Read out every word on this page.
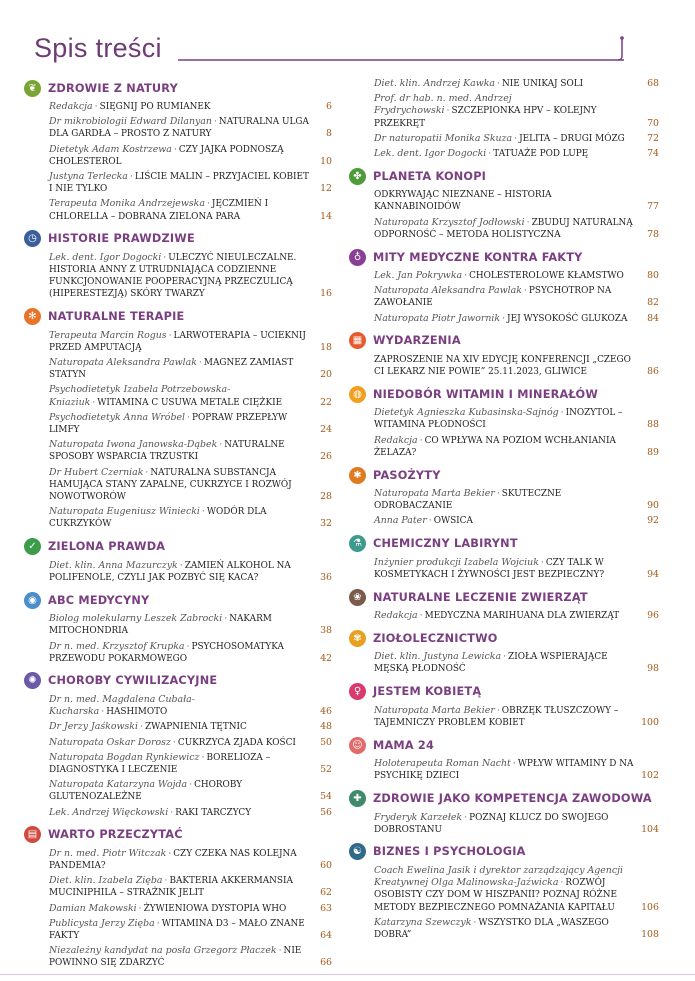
Spis treści
❦	ZDROWIE Z NATURY
Redakcja · SIĘGNIJ PO RUMIANEK	6
Dr mikrobiologii Edward Dilanyan · NATURALNA ULGA DLA GARDŁA – PROSTO Z NATURY	8
Dietetyk Adam Kostrzewa · CZY JAJKA PODNOSZĄ CHOLESTEROL	10
Justyna Terlecka · LIŚCIE MALIN – PRZYJACIEL KOBIET I NIE TYLKO	12
Terapeuta Monika Andrzejewska · JĘCZMIEŃ I CHLORELLA – DOBRANA ZIELONA PARA	14
◷ HISTORIE PRAWDZIWE
Lek. dent. Igor Dogocki · ULECZYĆ NIEULECZALNE. HISTORIA ANNY Z UTRUDNIAJĄCA CODZIENNE FUNKCJONOWANIE POOPERACYJNĄ PRZECZULICĄ (HIPERESTEZJĄ) SKÓRY TWARZY	16
✻	NATURALNE TERAPIE
Terapeuta Marcin Rogus · LARWOTERAPIA – UCIEKNIJ PRZED AMPUTACJĄ	18
Naturopata Aleksandra Pawlak · MAGNEZ ZAMIAST STATYN	20
Psychodietetyk Izabela Potrzebowska-Kniaziuk · WITAMINA C USUWA METALE CIĘŻKIE	22
Psychodietetyk Anna Wróbel · POPRAW PRZEPŁYW LIMFY	24
Naturopata Iwona Janowska-Dąbek · NATURALNE SPOSOBY WSPARCIA TRZUSTKI	26
Dr Hubert Czerniak · NATURALNA SUBSTANCJA HAMUJĄCA STANY ZAPALNE, CUKRZYCE I ROZWÓJ NOWOTWORÓW	28
Naturopata Eugeniusz Winiecki · WODÓR DLA CUKRZYKÓW	32
✓	ZIELONA PRAWDA
Diet. klin. Anna Mazurczyk · ZAMIEŃ ALKOHOL NA POLIFENOLE, CZYLI JAK POZBYĆ SIĘ KACA?	36
◉ ABC MEDYCYNY
Biolog molekularny Leszek Zabrocki · NAKARM MITOCHONDRIA	38
Dr n. med. Krzysztof Krupka · PSYCHOSOMATYKA PRZEWODU POKARMOWEGO	42
✺	CHOROBY CYWILIZACYJNE
Dr n. med. Magdalena Cubała-Kucharska · HASHIMOTO	46
Dr Jerzy Jaśkowski · ZWAPNIENIA TĘTNIC	48
Naturopata Oskar Dorosz · CUKRZYCA ZJADA KOŚCI	50
Naturopata Bogdan Rynkiewicz · BORELIOZA – DIAGNOSTYKA I LECZENIE	52
Naturopata Katarzyna Wojda · CHOROBY GLUTENOZALEŻNE	54
Lek. Andrzej Więckowski · RAKI TARCZYCY	56
▤ WARTO PRZECZYTAĆ
Dr n. med. Piotr Witczak · CZY CZEKA NAS KOLEJNA PANDEMIA?	60
Diet. klin. Izabela Zięba · BAKTERIA AKKERMANSIA MUCINIPHILA – STRAŻNIK JELIT	62
Damian Makowski · ŻYWIENIOWA DYSTOPIA WHO	63
Publicysta Jerzy Zięba · WITAMINA D3 – MAŁO ZNANE FAKTY	64
Niezależny kandydat na posła Grzegorz Płaczek · NIE POWINNO SIĘ ZDARZYĆ	66
Diet. klin. Andrzej Kawka · NIE UNIKAJ SOLI	68
Prof. dr hab. n. med. Andrzej Frydrychowski · SZCZEPIONKA HPV – KOLEJNY PRZEKRĘT	70
Dr naturopatii Monika Skuza · JELITA – DRUGI MÓZG	72
Lek. dent. Igor Dogocki · TATUAŻE POD LUPĘ	74
✤	PLANETA KONOPI
ODKRYWAJĄC NIEZNANE – HISTORIA KANNABINOIDÓW	77
Naturopata Krzysztof Jodłowski · ZBUDUJ NATURALNĄ ODPORNOŚĆ – METODA HOLISTYCZNA	78
♁	MITY MEDYCZNE KONTRA FAKTY
Lek. Jan Pokrywka · CHOLESTEROLOWE KŁAMSTWO	80
Naturopata Aleksandra Pawlak · PSYCHOTROP NA ZAWOŁANIE	82
Naturopata Piotr Jawornik · JEJ WYSOKOŚĆ GLUKOZA	84
▦ WYDARZENIA
ZAPROSZENIE NA XIV EDYCJĘ KONFERENCJI „CZEGO CI LEKARZ NIE POWIE” 25.11.2023, GLIWICE	86
◍ NIEDOBÓR WITAMIN I MINERAŁÓW
Dietetyk Agnieszka Kubasinska-Sajnóg · INOZYTOL – WITAMINA PŁODNOŚCI	88
Redakcja · CO WPŁYWA NA POZIOM WCHŁANIANIA ŻELAZA?	89
✱	PASOŻYTY
Naturopata Marta Bekier · SKUTECZNE ODROBACZANIE	90
Anna Pater · OWSICA	92
⚗ CHEMICZNY LABIRYNT
Inżynier produkcji Izabela Wojciuk · CZY TALK W KOSMETYKACH I ŻYWNOŚCI JEST BEZPIECZNY?	94
❀	NATURALNE LECZENIE ZWIERZĄT
Redakcja · MEDYCZNA MARIHUANA DLA ZWIERZĄT	96
✾	ZIOŁOLECZNICTWO
Diet. klin. Justyna Lewicka · ZIOŁA WSPIERAJĄCE MĘSKĄ PŁODNOŚĆ	98
♀	JESTEM KOBIETĄ
Naturopata Marta Bekier · OBRZĘK TŁUSZCZOWY – TAJEMNICZY PROBLEM KOBIET	100
☺ MAMA 24
Holoterapeuta Roman Nacht · WPŁYW WITAMINY D NA PSYCHIKĘ DZIECI	102
✚	ZDROWIE JAKO KOMPETENCJA ZAWODOWA
Fryderyk Karzełek · POZNAJ KLUCZ DO SWOJEGO DOBROSTANU	104
☯ BIZNES I PSYCHOLOGIA
Coach Ewelina Jasik i dyrektor zarządzający Agencji Kreatywnej Olga Malinowska-Jaźwicka · ROZWÓJ OSOBISTY CZY DOM W HISZPANII? POZNAJ RÓŻNE METODY BEZPIECZNEGO POMNAŻANIA KAPITAŁU	106
Katarzyna Szewczyk · WSZYSTKO DLA „WASZEGO DOBRA”	108
